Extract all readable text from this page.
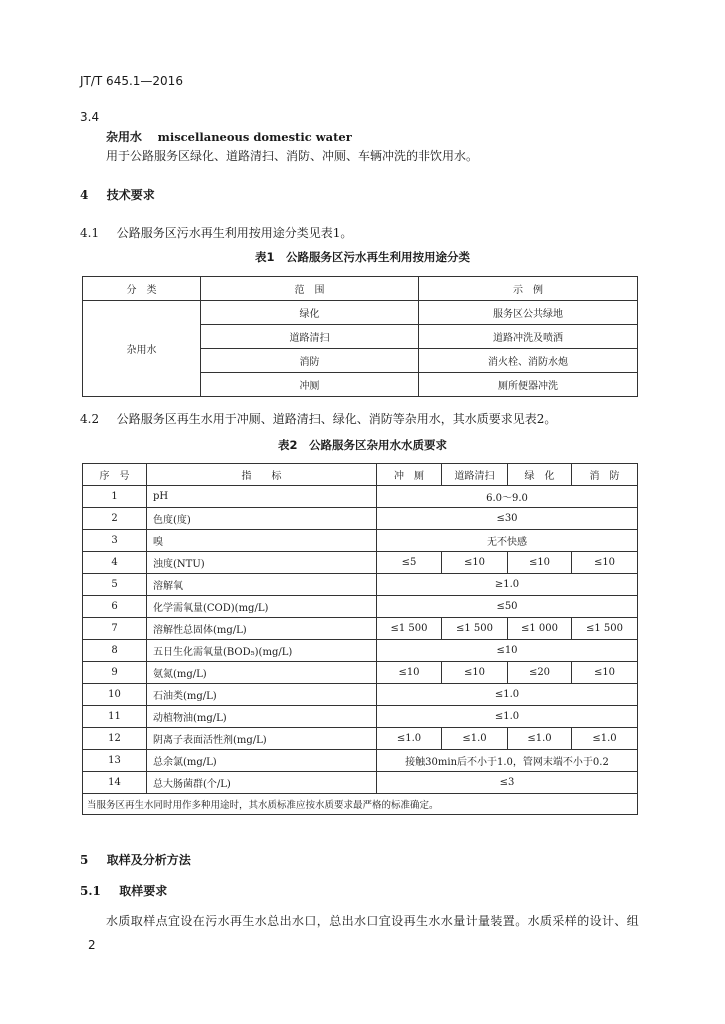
JT/T 645.1—2016
3.4
杂用水 miscellaneous domestic water
用于公路服务区绿化、道路清扫、消防、冲厕、车辆冲洗的非饮用水。
4 技术要求
4.1 公路服务区污水再生利用按用途分类见表1。
表1　公路服务区污水再生利用按用途分类
分　类	范　围	示　例
杂用水	绿化	服务区公共绿地
	道路清扫	道路冲洗及喷洒
	消防	消火栓、消防水炮
	冲厕	厕所便器冲洗
4.2 公路服务区再生水用于冲厕、道路清扫、绿化、消防等杂用水，其水质要求见表2。
表2　公路服务区杂用水水质要求
序　号	指　　标	冲　厕	道路清扫	绿　化	消　防
1	pH	6.0～9.0			
2	色度(度)	≤30			
3	嗅	无不快感			
4	浊度(NTU)	≤5	≤10	≤10	≤10
5	溶解氧	≥1.0			
6	化学需氧量(COD)(mg/L)	≤50			
7	溶解性总固体(mg/L)	≤1 500	≤1 500	≤1 000	≤1 500
8	五日生化需氧量(BOD₅)(mg/L)	≤10			
9	氨氮(mg/L)	≤10	≤10	≤20	≤10
10	石油类(mg/L)	≤1.0			
11	动植物油(mg/L)	≤1.0			
12	阴离子表面活性剂(mg/L)	≤1.0	≤1.0	≤1.0	≤1.0
13	总余氯(mg/L)	接触30min后不小于1.0，管网末端不小于0.2			
14	总大肠菌群(个/L)	≤3			
当服务区再生水同时用作多种用途时，其水质标准应按水质要求最严格的标准确定。					
5 取样及分析方法
5.1 取样要求
水质取样点宜设在污水再生水总出水口，总出水口宜设再生水水量计量装置。水质采样的设计、组
2
